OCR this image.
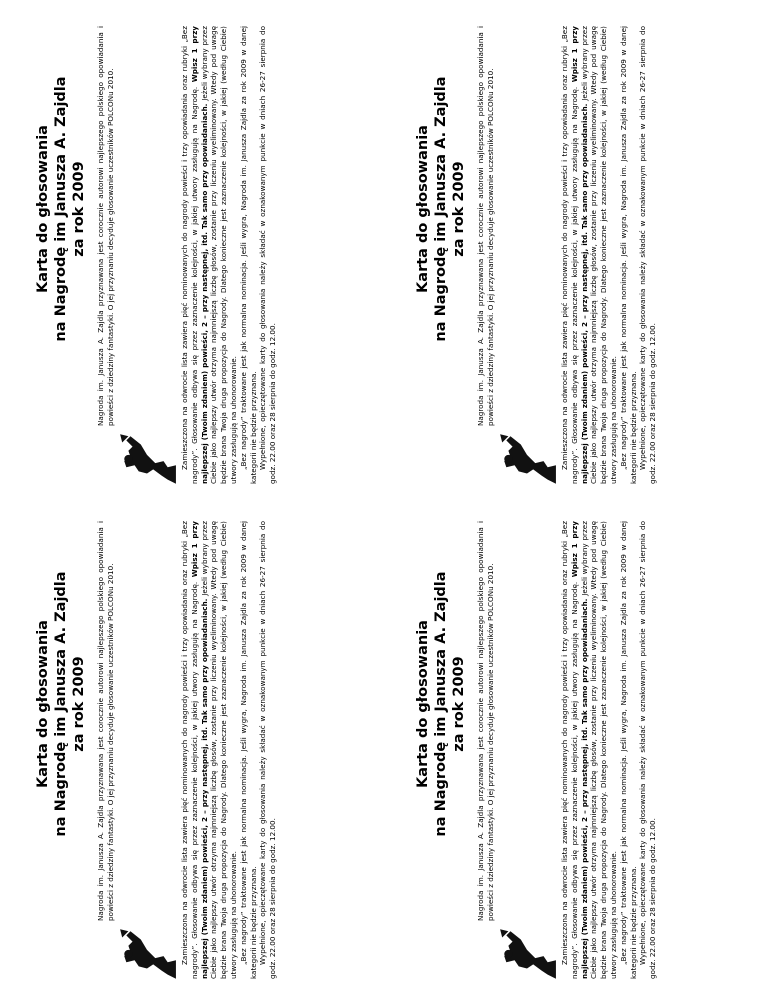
Karta do głosowania na Nagrodę im Janusza A. Zajdla za rok 2009 Nagroda im. Janusza A. Zajdla przyznawana jest corocznie autorowi najlepszego polskiego opowiadania i powieści z dziedziny fantastyki. O jej przyznaniu decyduje głosowanie uczestników POLCONu 2010.	Zamieszczona na odwrocie lista zawiera pięć nominowanych do nagrody powieści i trzy opowiadania oraz rubryki „Bez nagrody”. Głosowanie odbywa się przez zaznaczenie kolejności, w jakiej utwory zasługują na Nagrodę. Wpisz 1 przy najlepszej (Twoim zdaniem) powieści, 2 – przy następnej, itd. Tak samo przy opowiadaniach. Jeżeli wybrany przez Ciebie jako najlepszy utwór otrzyma najmniejszą liczbę głosów, zostanie przy liczeniu wyeliminowany. Wtedy pod uwagę będzie brana Twoja druga propozycja do Nagrody. Dlatego konieczne jest zaznaczenie kolejności, w jakiej (według Ciebie) utwory zasługują na uhonorowanie. „Bez nagrody” traktowane jest jak normalna nominacja. Jeśli wygra, Nagroda im. Janusza Zajdla za rok 2009 w danej kategorii nie będzie przyznana. Wypełnione, opieczętowane karty do głosowania należy składać w oznakowanym punkcie w dniach 26-27 sierpnia do godz. 22.00 oraz 28 sierpnia do godz. 12.00.

Karta do głosowania na Nagrodę im Janusza A. Zajdla za rok 2009 Nagroda im. Janusza A. Zajdla przyznawana jest corocznie autorowi najlepszego polskiego opowiadania i powieści z dziedziny fantastyki. O jej przyznaniu decyduje głosowanie uczestników POLCONu 2010.	Zamieszczona na odwrocie lista zawiera pięć nominowanych do nagrody powieści i trzy opowiadania oraz rubryki „Bez nagrody”. Głosowanie odbywa się przez zaznaczenie kolejności, w jakiej utwory zasługują na Nagrodę. Wpisz 1 przy najlepszej (Twoim zdaniem) powieści, 2 – przy następnej, itd. Tak samo przy opowiadaniach. Jeżeli wybrany przez Ciebie jako najlepszy utwór otrzyma najmniejszą liczbę głosów, zostanie przy liczeniu wyeliminowany. Wtedy pod uwagę będzie brana Twoja druga propozycja do Nagrody. Dlatego konieczne jest zaznaczenie kolejności, w jakiej (według Ciebie) utwory zasługują na uhonorowanie. „Bez nagrody” traktowane jest jak normalna nominacja. Jeśli wygra, Nagroda im. Janusza Zajdla za rok 2009 w danej kategorii nie będzie przyznana. Wypełnione, opieczętowane karty do głosowania należy składać w oznakowanym punkcie w dniach 26-27 sierpnia do godz. 22.00 oraz 28 sierpnia do godz. 12.00.

Karta do głosowania na Nagrodę im Janusza A. Zajdla za rok 2009 Nagroda im. Janusza A. Zajdla przyznawana jest corocznie autorowi najlepszego polskiego opowiadania i powieści z dziedziny fantastyki. O jej przyznaniu decyduje głosowanie uczestników POLCONu 2010.	Zamieszczona na odwrocie lista zawiera pięć nominowanych do nagrody powieści i trzy opowiadania oraz rubryki „Bez nagrody”. Głosowanie odbywa się przez zaznaczenie kolejności, w jakiej utwory zasługują na Nagrodę. Wpisz 1 przy najlepszej (Twoim zdaniem) powieści, 2 – przy następnej, itd. Tak samo przy opowiadaniach. Jeżeli wybrany przez Ciebie jako najlepszy utwór otrzyma najmniejszą liczbę głosów, zostanie przy liczeniu wyeliminowany. Wtedy pod uwagę będzie brana Twoja druga propozycja do Nagrody. Dlatego konieczne jest zaznaczenie kolejności, w jakiej (według Ciebie) utwory zasługują na uhonorowanie. „Bez nagrody” traktowane jest jak normalna nominacja. Jeśli wygra, Nagroda im. Janusza Zajdla za rok 2009 w danej kategorii nie będzie przyznana. Wypełnione, opieczętowane karty do głosowania należy składać w oznakowanym punkcie w dniach 26-27 sierpnia do godz. 22.00 oraz 28 sierpnia do godz. 12.00.

Karta do głosowania na Nagrodę im Janusza A. Zajdla za rok 2009 Nagroda im. Janusza A. Zajdla przyznawana jest corocznie autorowi najlepszego polskiego opowiadania i powieści z dziedziny fantastyki. O jej przyznaniu decyduje głosowanie uczestników POLCONu 2010.	Zamieszczona na odwrocie lista zawiera pięć nominowanych do nagrody powieści i trzy opowiadania oraz rubryki „Bez nagrody”. Głosowanie odbywa się przez zaznaczenie kolejności, w jakiej utwory zasługują na Nagrodę. Wpisz 1 przy najlepszej (Twoim zdaniem) powieści, 2 – przy następnej, itd. Tak samo przy opowiadaniach. Jeżeli wybrany przez Ciebie jako najlepszy utwór otrzyma najmniejszą liczbę głosów, zostanie przy liczeniu wyeliminowany. Wtedy pod uwagę będzie brana Twoja druga propozycja do Nagrody. Dlatego konieczne jest zaznaczenie kolejności, w jakiej (według Ciebie) utwory zasługują na uhonorowanie. „Bez nagrody” traktowane jest jak normalna nominacja. Jeśli wygra, Nagroda im. Janusza Zajdla za rok 2009 w danej kategorii nie będzie przyznana. Wypełnione, opieczętowane karty do głosowania należy składać w oznakowanym punkcie w dniach 26-27 sierpnia do godz. 22.00 oraz 28 sierpnia do godz. 12.00.
